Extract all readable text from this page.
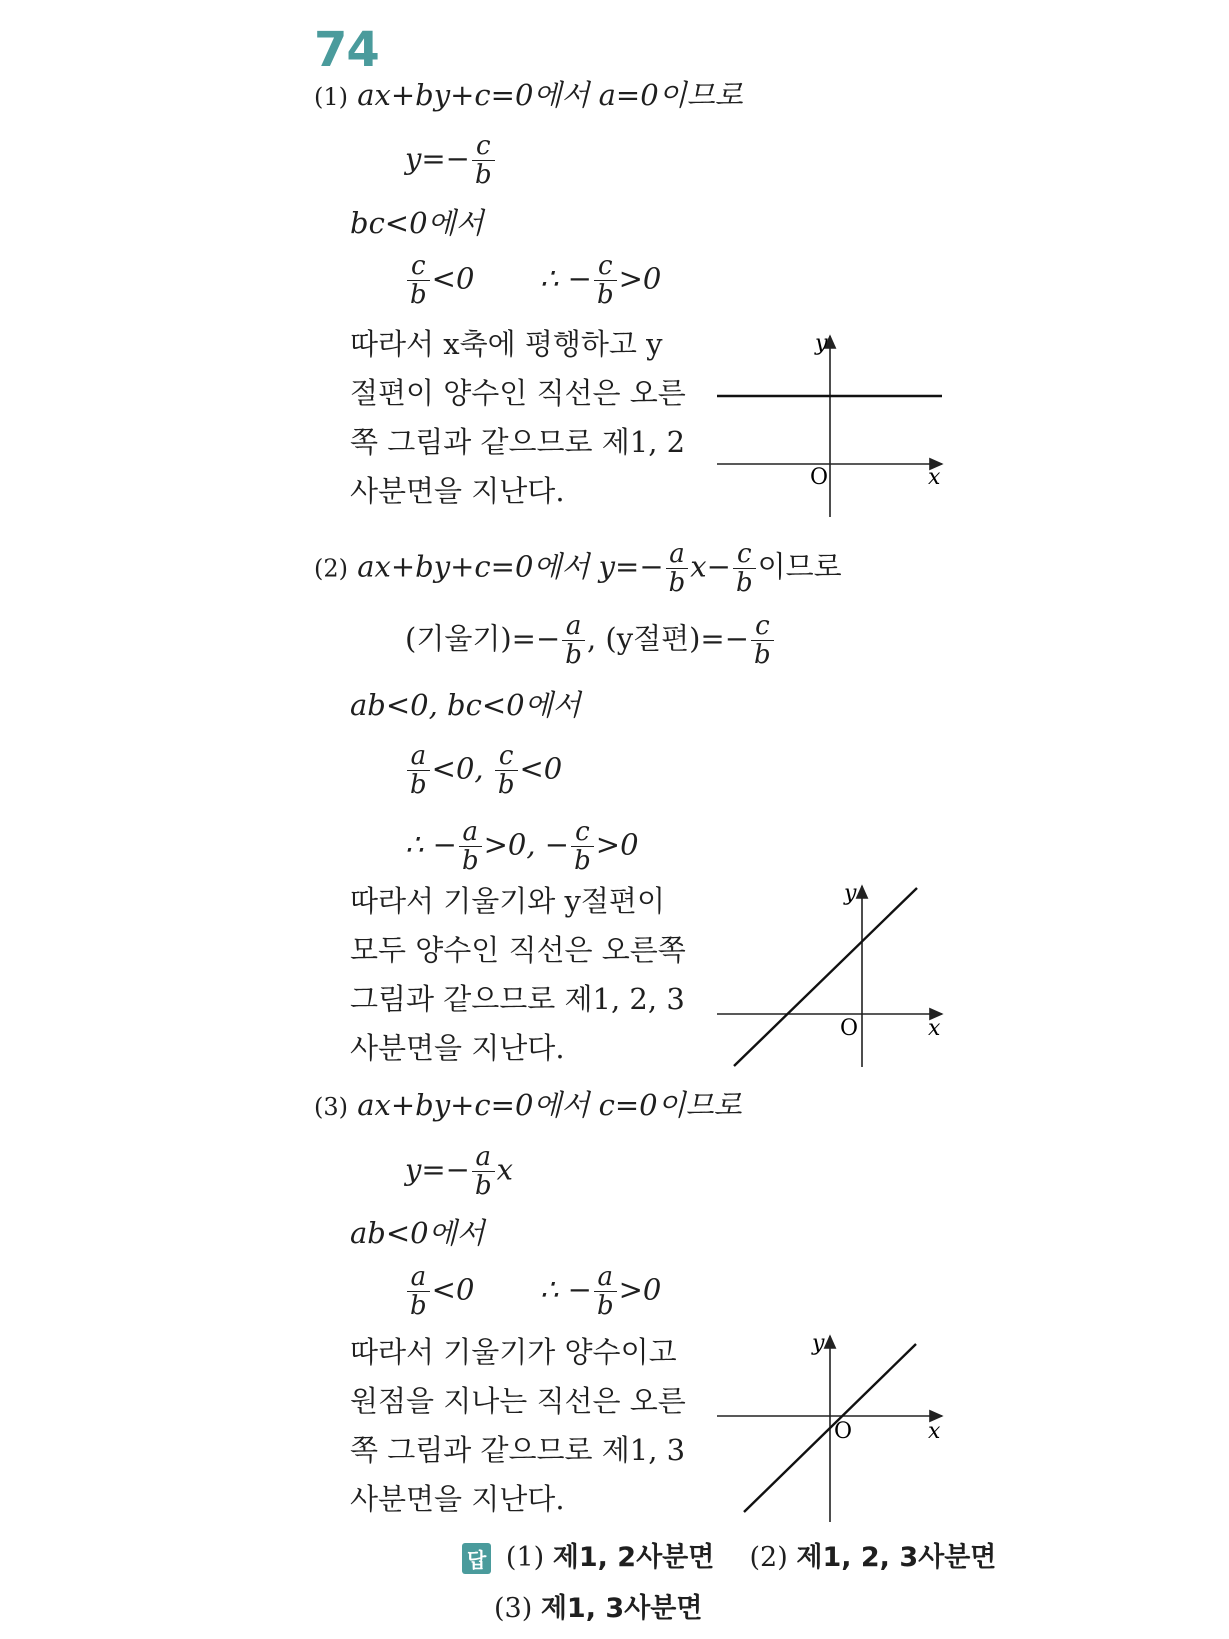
74
(1) ax+by+c=0에서 a=0이므로
$y=- \frac{c}{b}$
bc<0에서
$\frac{c}{b} <0$ ∴ − $\frac{c}{b} >0$
따라서 x축에 평행하고 y절편이 양수인 직선은 오른쪽 그림과 같으므로 제1, 2사분면을 지난다.
y
O	x
(2) ax+by+c=0에서 $y=- \frac{a}{b} x- \frac{c}{b}$ 이므로
(기울기)=− $\frac{a}{b}$ , (y절편)=− $\frac{c}{b}$
ab<0, bc<0에서
$\frac{a}{b} <0$, $\frac{c}{b} <0$
∴ − $\frac{a}{b} >0$, − $\frac{c}{b} >0$
따라서 기울기와 y절편이 모두 양수인 직선은 오른쪽 그림과 같으므로 제1, 2, 3사분면을 지난다.
y
O	x
(3) ax+by+c=0에서 c=0이므로
$y=- \frac{a}{b}$ x
ab<0에서
$\frac{a}{b} <0$ ∴ − $\frac{a}{b} >0$
따라서 기울기가 양수이고 원점을 지나는 직선은 오른쪽 그림과 같으므로 제1, 3사분면을 지난다.
y
O	x
답 (1) 제1, 2사분면 (2) 제1, 2, 3사분면
(3) 제1, 3사분면
